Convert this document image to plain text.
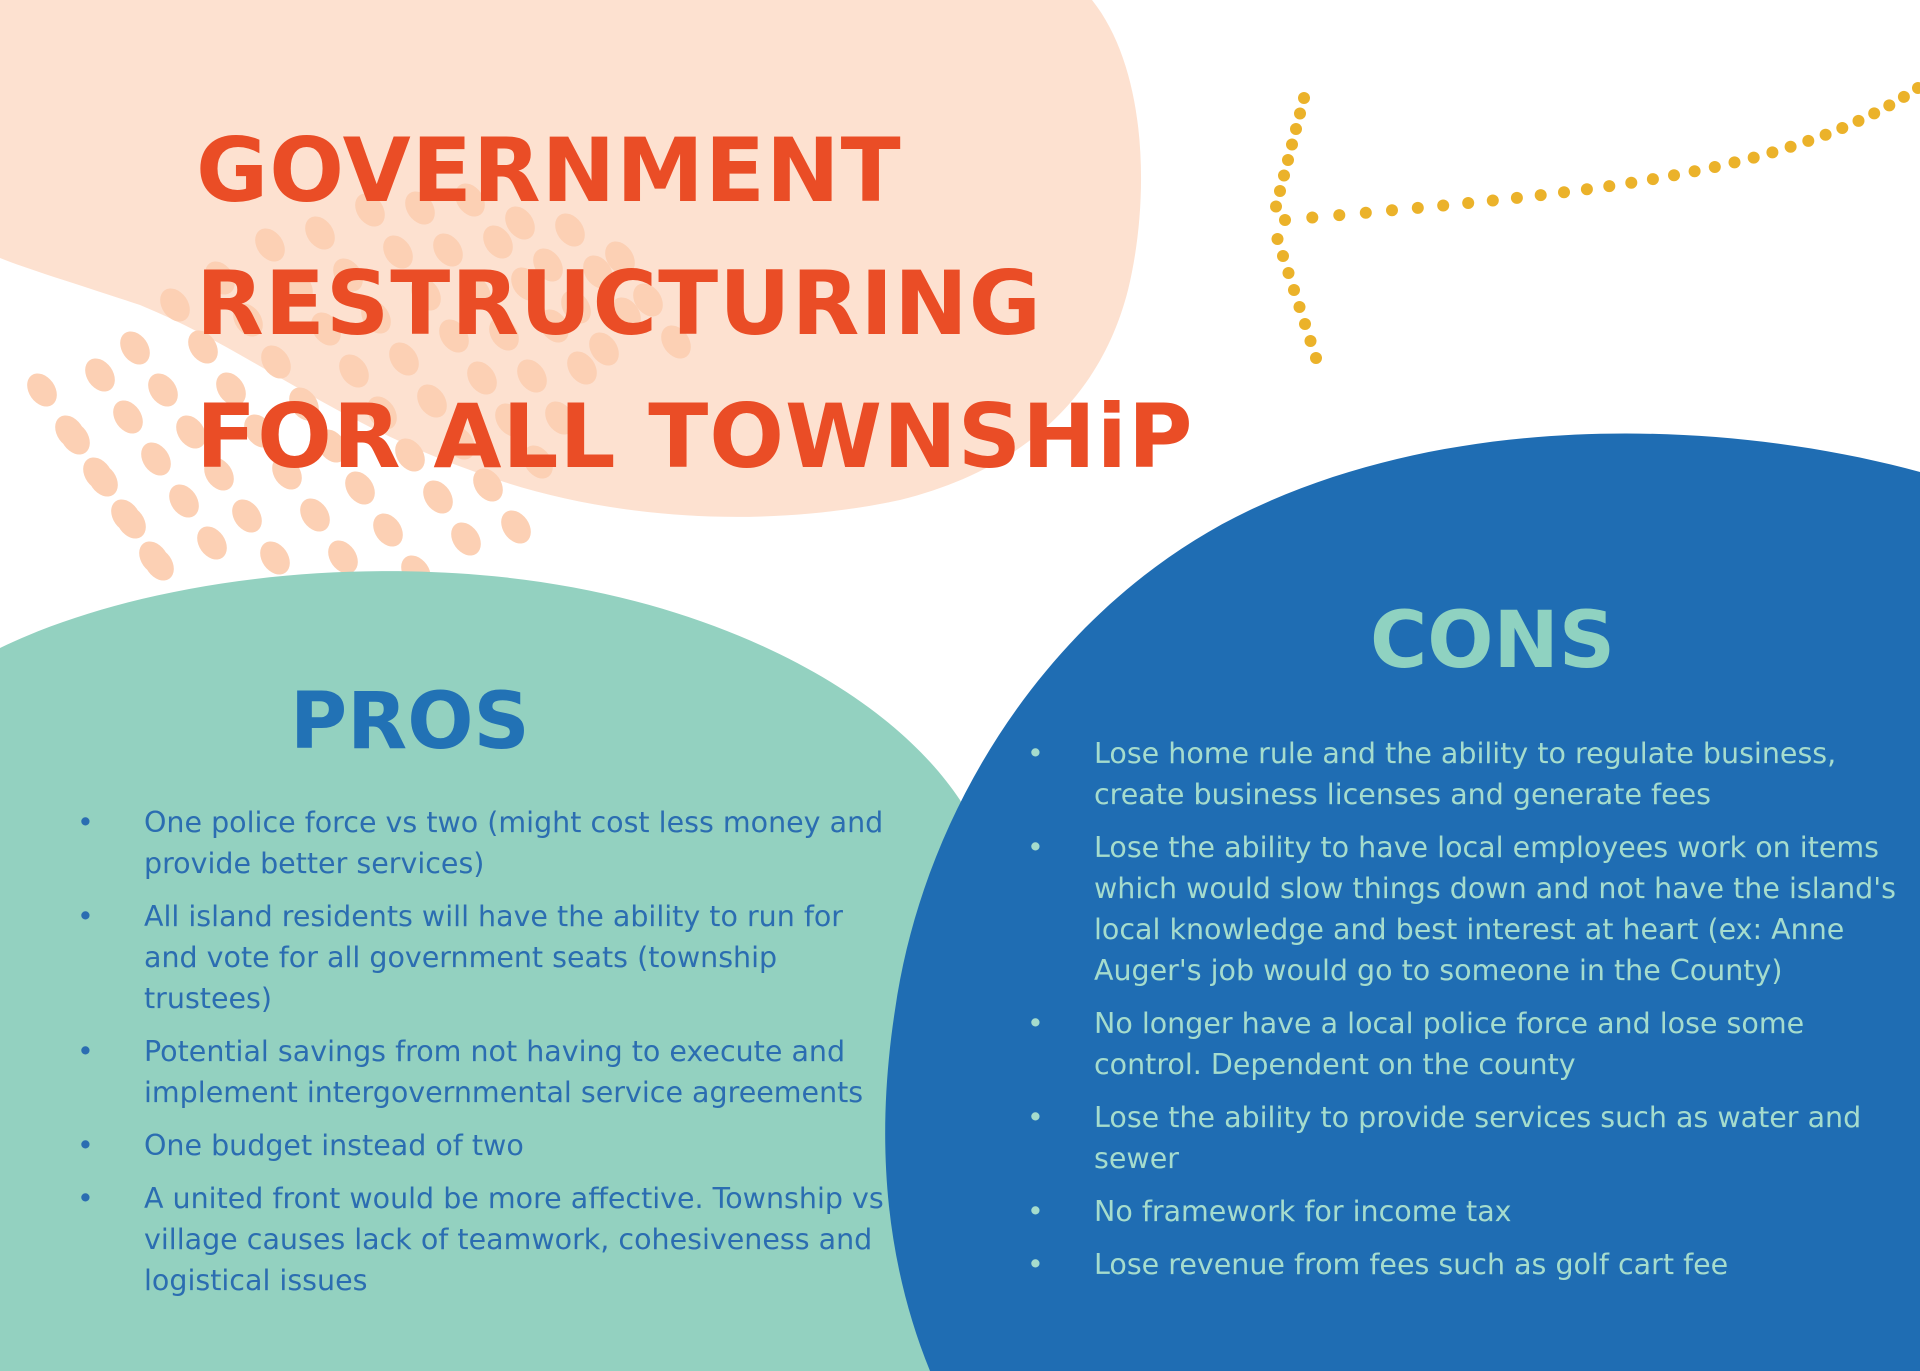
GOVERNMENT
RESTRUCTURING
FOR ALL TOWNSHiP
PROS
• One police force vs two (might cost less money and provide better services)
• All island residents will have the ability to run for and vote for all government seats (township trustees)
• Potential savings from not having to execute and implement intergovernmental service agreements
• One budget instead of two
• A united front would be more affective. Township vs village causes lack of teamwork, cohesiveness and logistical issues
CONS
• Lose home rule and the ability to regulate business, create business licenses and generate fees
• Lose the ability to have local employees work on items which would slow things down and not have the island's local knowledge and best interest at heart (ex: Anne Auger's job would go to someone in the County)
• No longer have a local police force and lose some control. Dependent on the county
• Lose the ability to provide services such as water and sewer
• No framework for income tax
• Lose revenue from fees such as golf cart fee
